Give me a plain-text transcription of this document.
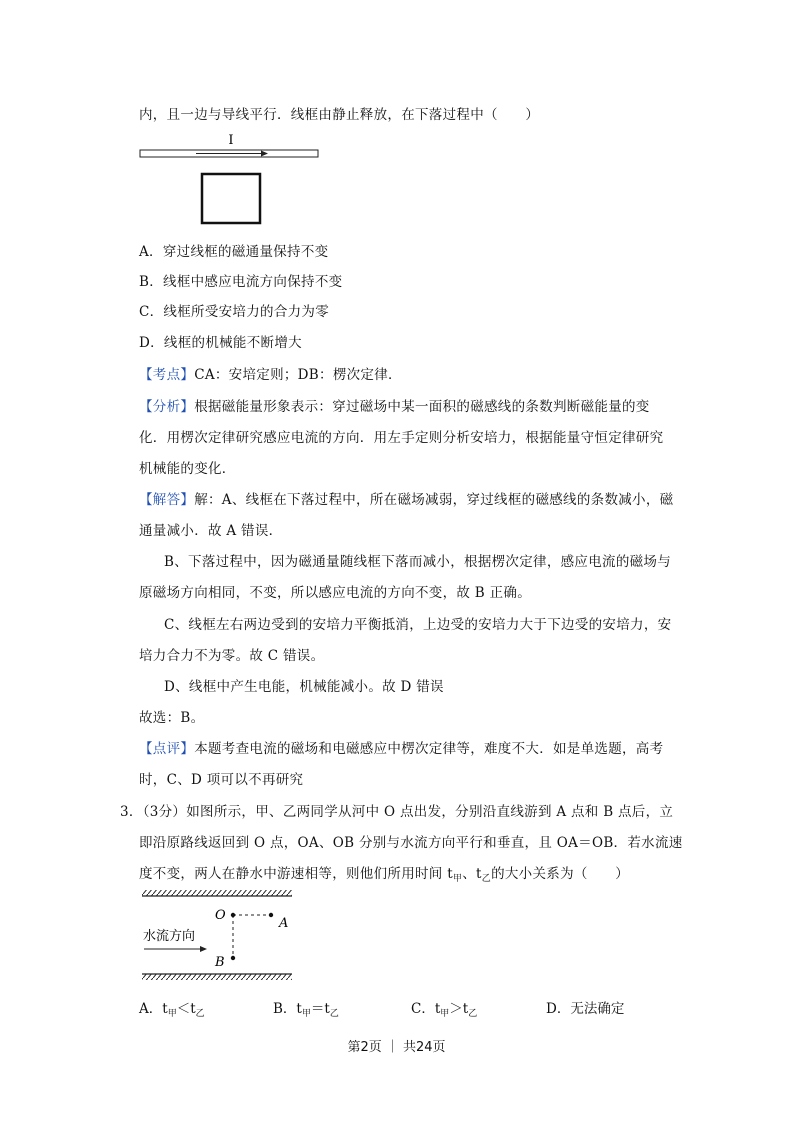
内，且一边与导线平行．线框由静止释放，在下落过程中（　　）
I
A．穿过线框的磁通量保持不变
B．线框中感应电流方向保持不变
C．线框所受安培力的合力为零
D．线框的机械能不断增大
【考点】CA：安培定则；DB：楞次定律．
【分析】根据磁能量形象表示：穿过磁场中某一面积的磁感线的条数判断磁能量的变
化．用楞次定律研究感应电流的方向．用左手定则分析安培力，根据能量守恒定律研究
机械能的变化．
【解答】解：A、线框在下落过程中，所在磁场减弱，穿过线框的磁感线的条数减小，磁
通量减小．故 A 错误．
B、下落过程中，因为磁通量随线框下落而减小，根据楞次定律，感应电流的磁场与
原磁场方向相同，不变，所以感应电流的方向不变，故 B 正确。
C、线框左右两边受到的安培力平衡抵消，上边受的安培力大于下边受的安培力，安
培力合力不为零。故 C 错误。
D、线框中产生电能，机械能减小。故 D 错误
故选：B。
【点评】本题考查电流的磁场和电磁感应中楞次定律等，难度不大．如是单选题，高考
时，C、D 项可以不再研究
3．（3分）如图所示，甲、乙两同学从河中 O 点出发，分别沿直线游到 A 点和 B 点后，立
即沿原路线返回到 O 点，OA、OB 分别与水流方向平行和垂直，且 OA＝OB．若水流速
度不变，两人在静水中游速相等，则他们所用时间 $t_甲$、$t_乙$的大小关系为（　　）
O
A
B
水流方向
A．$t_甲<t_乙$	B．$t_甲=t_乙$	C．$t_甲>t_乙$	D．无法确定
第2页 ｜ 共24页
